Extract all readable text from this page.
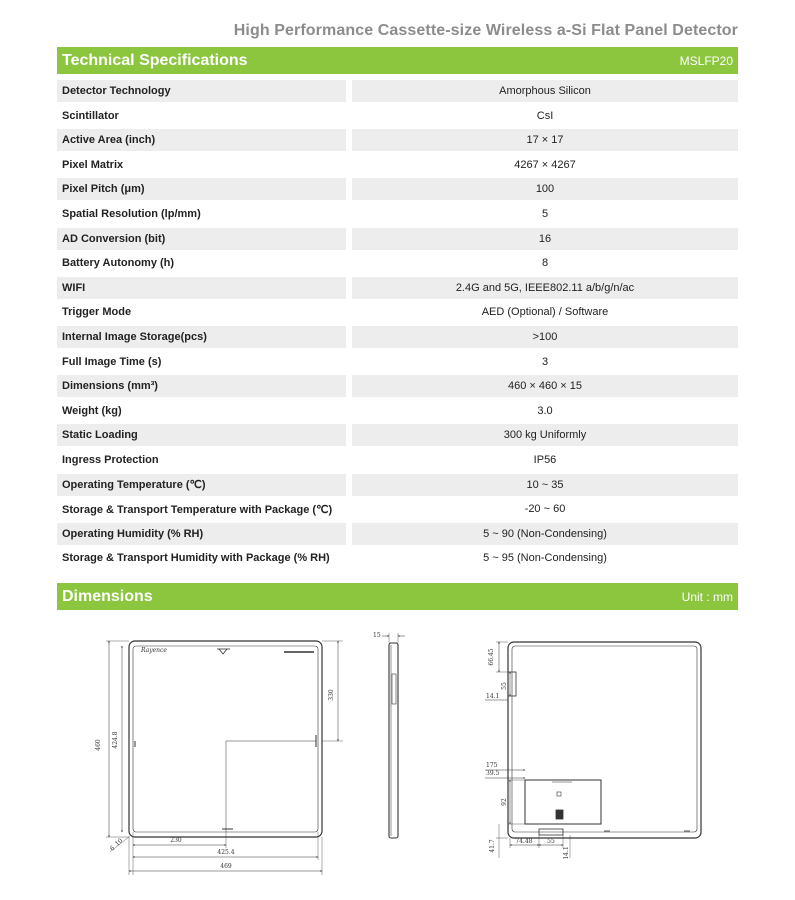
High Performance Cassette-size Wireless a-Si Flat Panel Detector
Technical Specifications	MSLFP20
Detector Technology	Amorphous Silicon
Scintillator	CsI
Active Area (inch)	17 × 17
Pixel Matrix	4267 × 4267
Pixel Pitch (μm)	100
Spatial Resolution (lp/mm)	5
AD Conversion (bit)	16
Battery Autonomy (h)	8
WIFI	2.4G and 5G, IEEE802.11 a/b/g/n/ac
Trigger Mode	AED (Optional) / Software
Internal Image Storage(pcs)	>100
Full Image Time (s)	3
Dimensions (mm³)	460 × 460 × 15
Weight (kg)	3.0
Static Loading	300 kg Uniformly
Ingress Protection	IP56
Operating Temperature (℃)	10 ~ 35
Storage & Transport Temperature with Package (℃)	-20 ~ 60
Operating Humidity (% RH)	5 ~ 90 (Non-Condensing)
Storage & Transport Humidity with Package (% RH)	5 ~ 95 (Non-Condensing)
Dimensions	Unit : mm
Rayence
460 424.8
330
230
425.4
469
6
10
15
66.45
55
14.1
175
39.5
92
41.7	74.48 55
14.1
